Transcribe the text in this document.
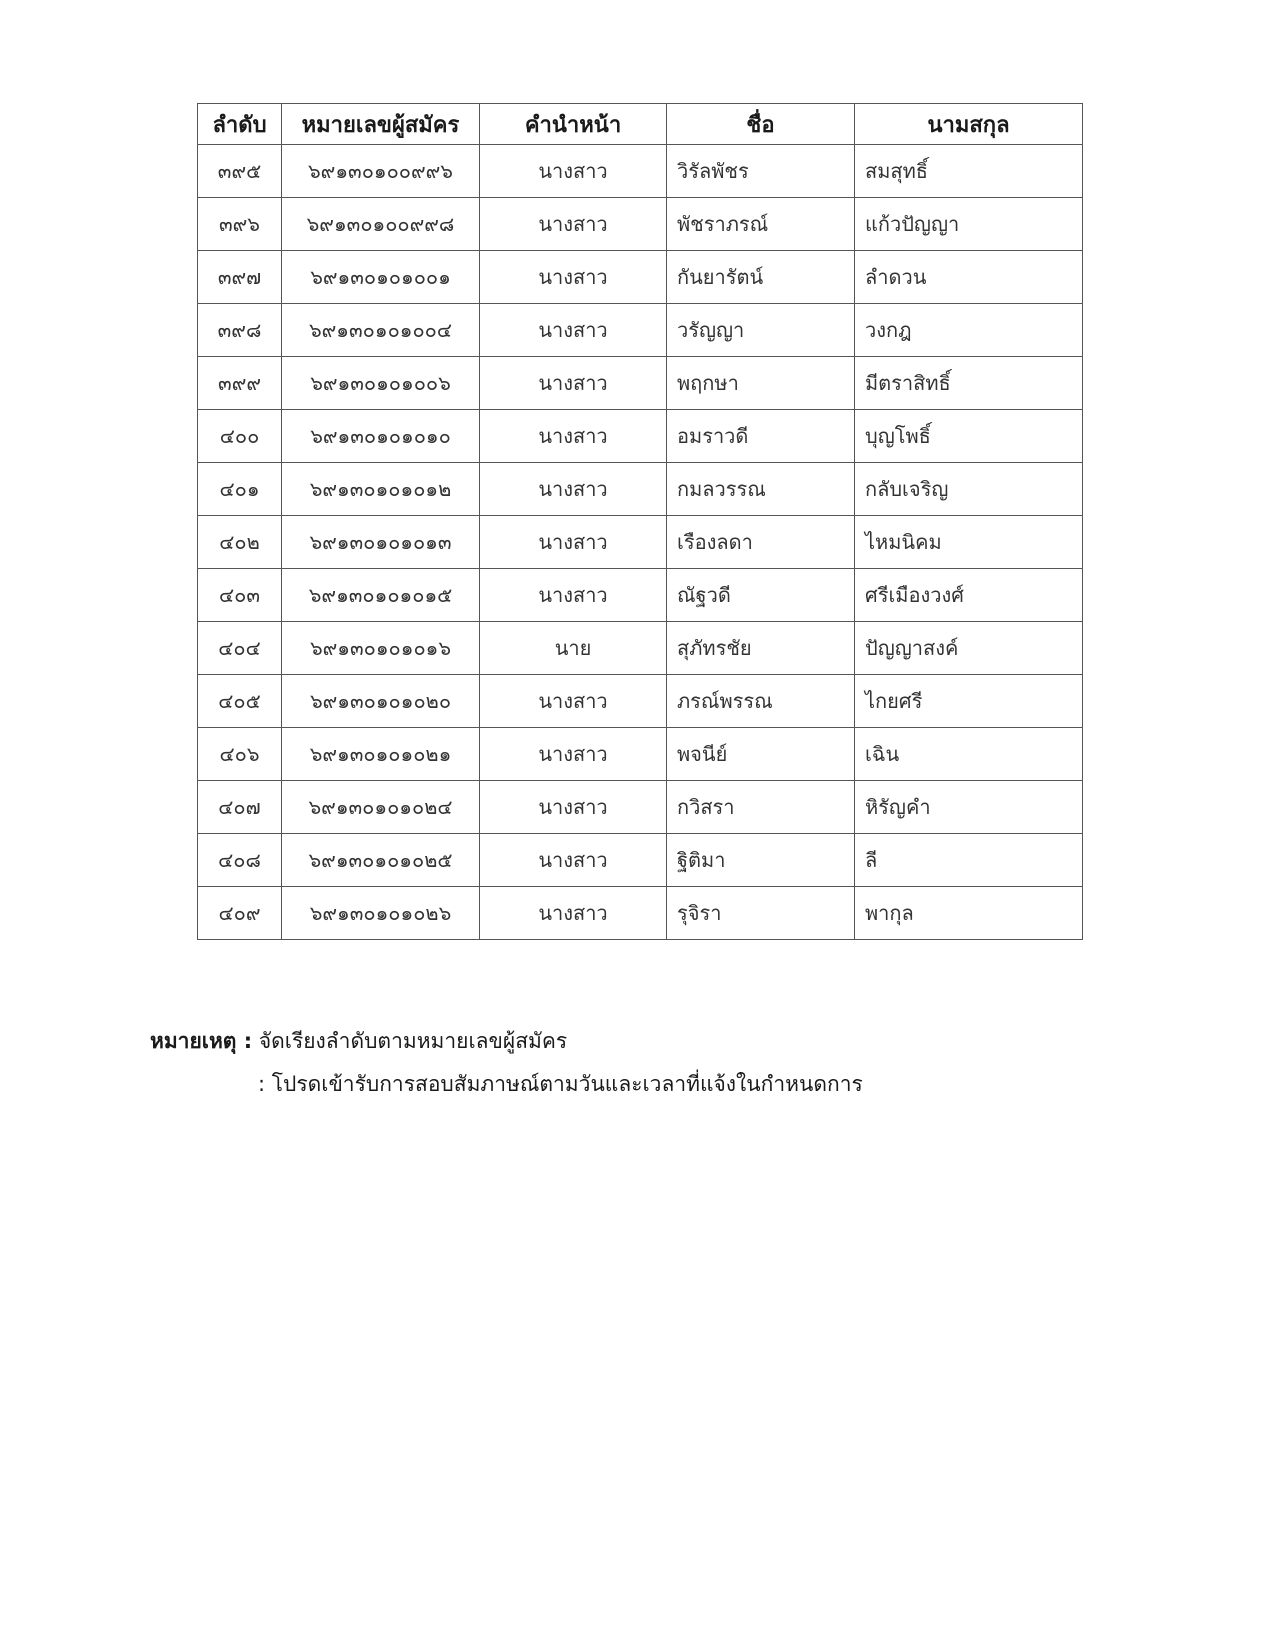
ลำดับ	หมายเลขผู้สมัคร	คำนำหน้า	ชื่อ	นามสกุล
๓๙๕	๖๙๑๓๐๑๐๐๙๙๖	นางสาว	วิรัลพัชร	สมสุทธิ์
๓๙๖	๖๙๑๓๐๑๐๐๙๙๘	นางสาว	พัชราภรณ์	แก้วปัญญา
๓๙๗	๖๙๑๓๐๑๐๑๐๐๑	นางสาว	กันยารัตน์	ลำดวน
๓๙๘	๖๙๑๓๐๑๐๑๐๐๔	นางสาว	วรัญญา	วงกฎ
๓๙๙	๖๙๑๓๐๑๐๑๐๐๖	นางสาว	พฤกษา	มีตราสิทธิ์
๔๐๐	๖๙๑๓๐๑๐๑๐๑๐	นางสาว	อมราวดี	บุญโพธิ์
๔๐๑	๖๙๑๓๐๑๐๑๐๑๒	นางสาว	กมลวรรณ	กลับเจริญ
๔๐๒	๖๙๑๓๐๑๐๑๐๑๓	นางสาว	เรืองลดา	ไหมนิคม
๔๐๓	๖๙๑๓๐๑๐๑๐๑๕	นางสาว	ณัฐวดี	ศรีเมืองวงศ์
๔๐๔	๖๙๑๓๐๑๐๑๐๑๖	นาย	สุภัทรชัย	ปัญญาสงค์
๔๐๕	๖๙๑๓๐๑๐๑๐๒๐	นางสาว	ภรณ์พรรณ	ไกยศรี
๔๐๖	๖๙๑๓๐๑๐๑๐๒๑	นางสาว	พจนีย์	เฉิน
๔๐๗	๖๙๑๓๐๑๐๑๐๒๔	นางสาว	กวิสรา	หิรัญคำ
๔๐๘	๖๙๑๓๐๑๐๑๐๒๕	นางสาว	ฐิติมา	ลี
๔๐๙	๖๙๑๓๐๑๐๑๐๒๖	นางสาว	รุจิรา	พากุล
หมายเหตุ : จัดเรียงลำดับตามหมายเลขผู้สมัคร
: โปรดเข้ารับการสอบสัมภาษณ์ตามวันและเวลาที่แจ้งในกำหนดการ
